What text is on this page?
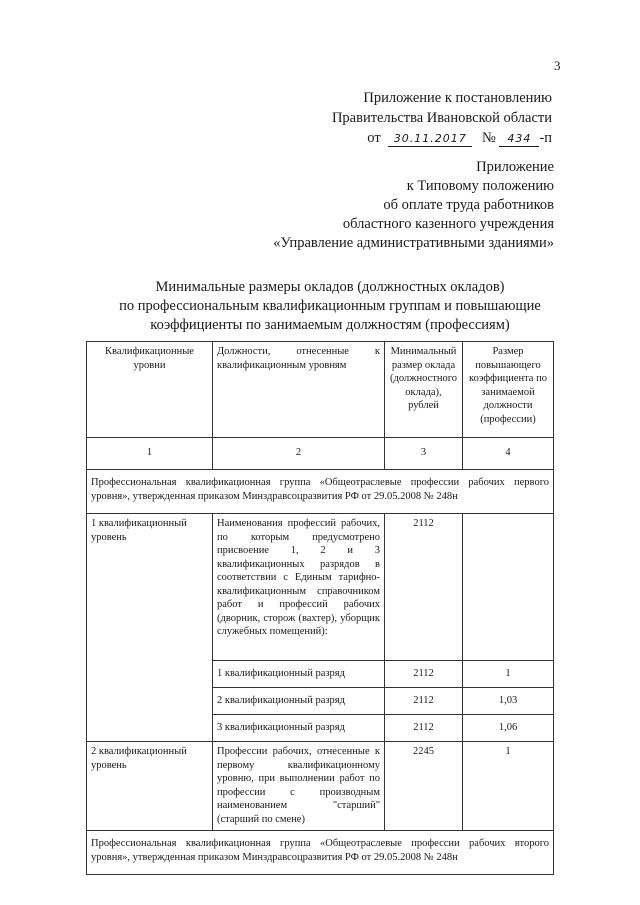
3
Приложение к постановлению
Правительства Ивановской области
от 30.11.2017 № 434 -п
Приложение
к Типовому положению
об оплате труда работников
областного казенного учреждения
«Управление административными зданиями»
Минимальные размеры окладов (должностных окладов)
по профессиональным квалификационным группам и повышающие
коэффициенты по занимаемым должностям (профессиям)
Квалификационные уровни	Должности, отнесенные к квалификационным уровням	Минимальный размер оклада (должностного оклада), рублей	Размер повышающего коэффициента по занимаемой должности (профессии)
1	2	3	4
Профессиональная квалификационная группа «Общеотраслевые профессии рабочих первого уровня», утвержденная приказом Минздравсоцразвития РФ от 29.05.2008 № 248н			
1 квалификационный уровень	Наименования профессий рабочих, по которым предусмотрено присвоение 1, 2 и 3 квалификационных разрядов в соответствии с Единым тарифно-квалификационным справочником работ и профессий рабочих (дворник, сторож (вахтер), уборщик служебных помещений):	2112	
	1 квалификационный разряд	2112	1
	2 квалификационный разряд	2112	1,03
	3 квалификационный разряд	2112	1,06
2 квалификационный уровень	Профессии рабочих, отнесенные к первому квалификационному уровню, при выполнении работ по профессии с производным наименованием "старший" (старший по смене)	2245	1
Профессиональная квалификационная группа «Общеотраслевые профессии рабочих второго уровня», утвержденная приказом Минздравсоцразвития РФ от 29.05.2008 № 248н			
